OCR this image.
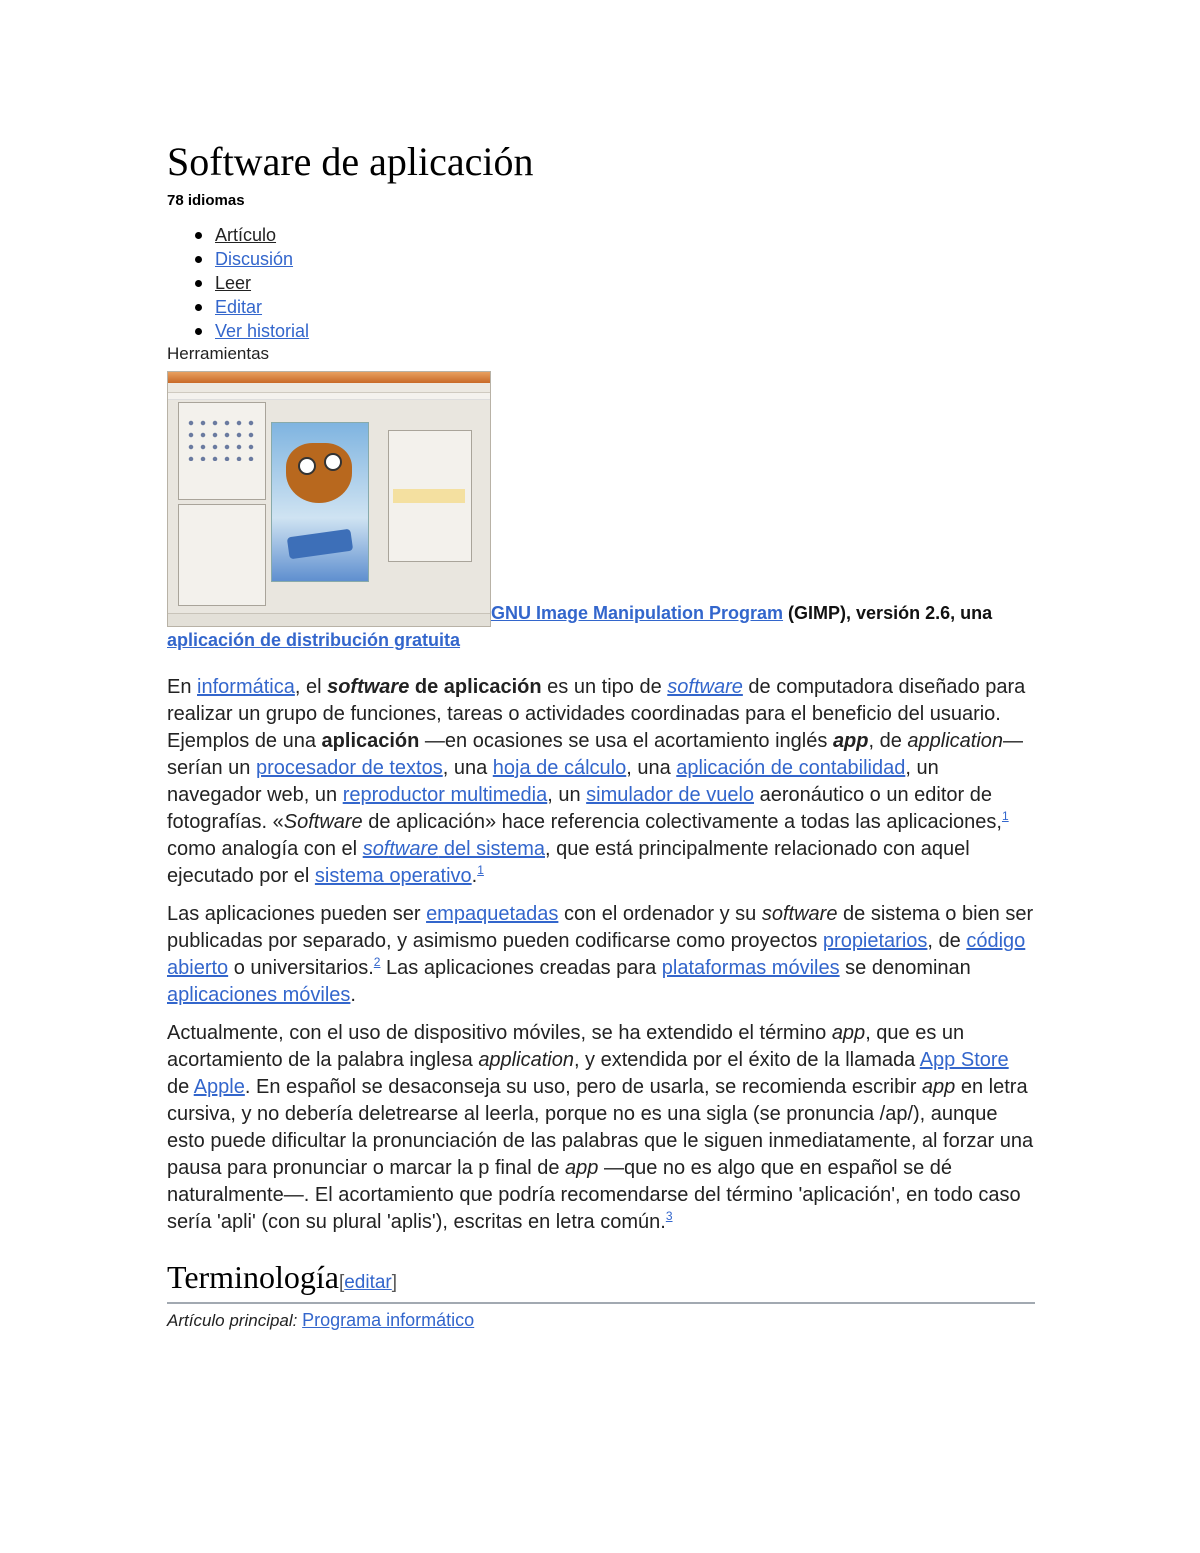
Software de aplicación
78 idiomas
Artículo
Discusión
Leer
Editar
Ver historial
Herramientas
GNU Image Manipulation Program (GIMP), versión 2.6, una aplicación de distribución gratuita

En informática, el software de aplicación es un tipo de software de computadora diseñado para realizar un grupo de funciones, tareas o actividades coordinadas para el beneficio del usuario. Ejemplos de una aplicación —en ocasiones se usa el acortamiento inglés app, de application— serían un procesador de textos, una hoja de cálculo, una aplicación de contabilidad, un navegador web, un reproductor multimedia, un simulador de vuelo aeronáutico o un editor de fotografías. «Software de aplicación» hace referencia colectivamente a todas las aplicaciones,$^1$ como analogía con el software del sistema, que está principalmente relacionado con aquel ejecutado por el sistema operativo.$^1$

Las aplicaciones pueden ser empaquetadas con el ordenador y su software de sistema o bien ser publicadas por separado, y asimismo pueden codificarse como proyectos propietarios, de código abierto o universitarios.$^2$ Las aplicaciones creadas para plataformas móviles se denominan aplicaciones móviles.

Actualmente, con el uso de dispositivo móviles, se ha extendido el término app, que es un acortamiento de la palabra inglesa application, y extendida por el éxito de la llamada App Store de Apple. En español se desaconseja su uso, pero de usarla, se recomienda escribir app en letra cursiva, y no debería deletrearse al leerla, porque no es una sigla (se pronuncia /ap/), aunque esto puede dificultar la pronunciación de las palabras que le siguen inmediatamente, al forzar una pausa para pronunciar o marcar la p final de app —que no es algo que en español se dé naturalmente—. El acortamiento que podría recomendarse del término 'aplicación', en todo caso sería 'apli' (con su plural 'aplis'), escritas en letra común.$^3$

Terminología[editar]
Artículo principal: Programa informático
